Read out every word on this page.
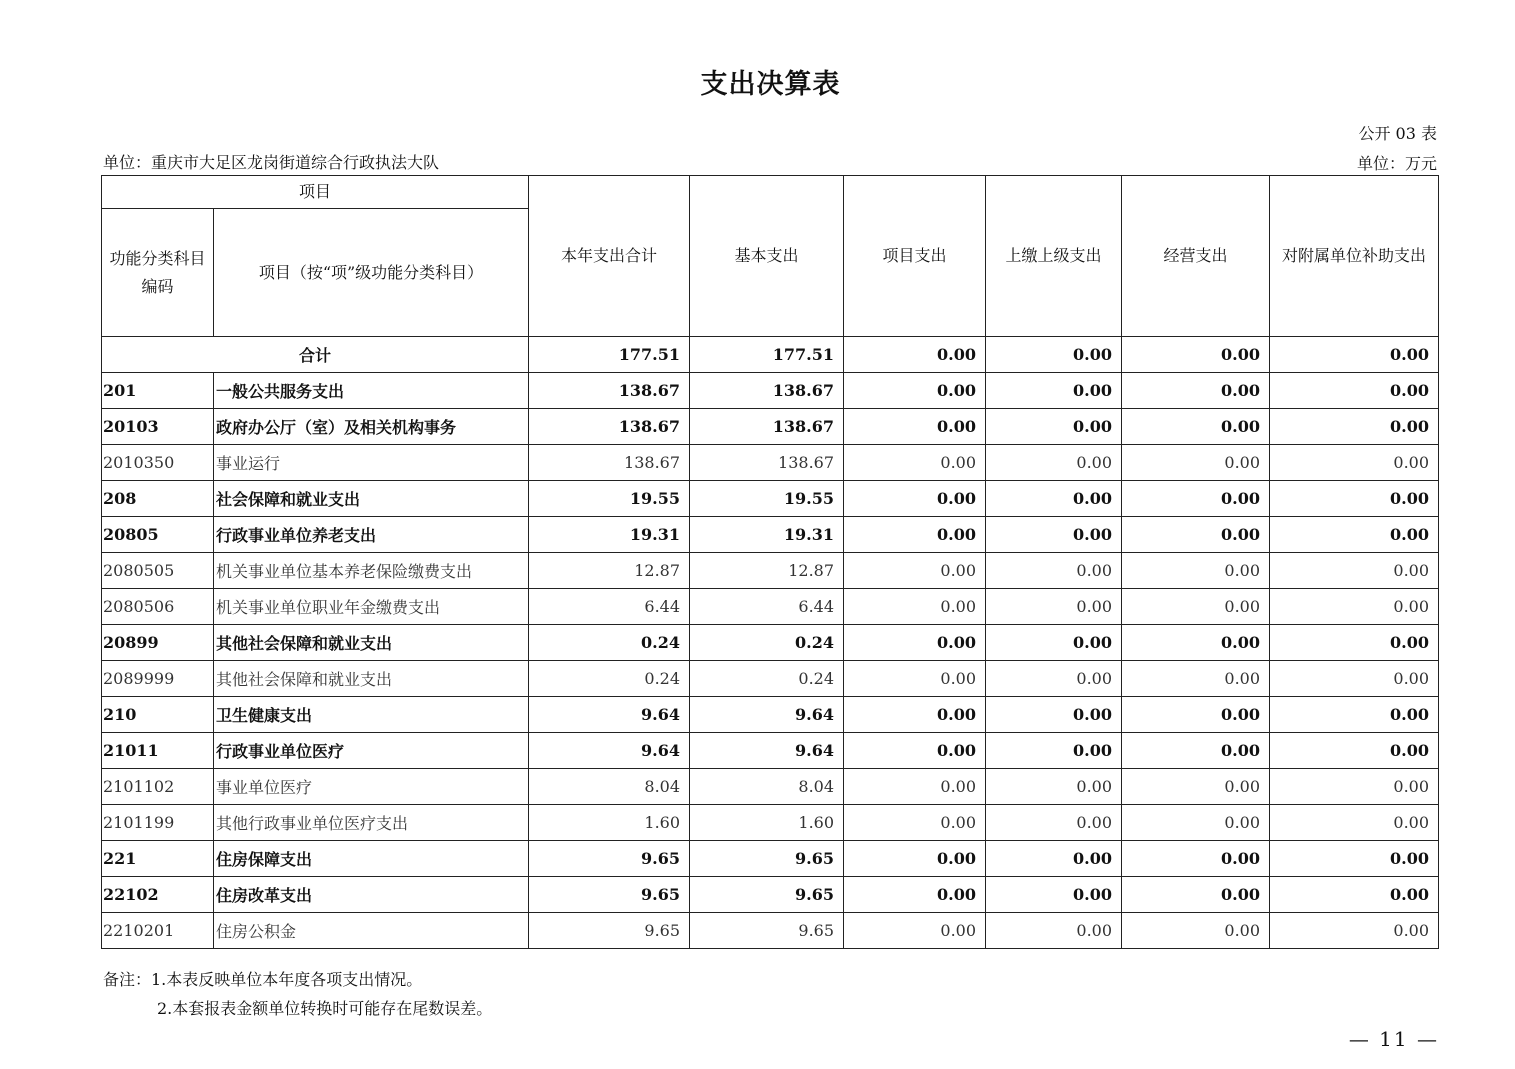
支出决算表
公开 03 表
单位：重庆市大足区龙岗街道综合行政执法大队	单位：万元
项目		本年支出合计	基本支出	项目支出	上缴上级支出	经营支出	对附属单位补助支出
功能分类科目编码	项目（按“项”级功能分类科目）						
合计		177.51	177.51	0.00	0.00	0.00	0.00
201	一般公共服务支出	138.67	138.67	0.00	0.00	0.00	0.00
20103	政府办公厅（室）及相关机构事务	138.67	138.67	0.00	0.00	0.00	0.00
2010350	事业运行	138.67	138.67	0.00	0.00	0.00	0.00
208	社会保障和就业支出	19.55	19.55	0.00	0.00	0.00	0.00
20805	行政事业单位养老支出	19.31	19.31	0.00	0.00	0.00	0.00
2080505	机关事业单位基本养老保险缴费支出	12.87	12.87	0.00	0.00	0.00	0.00
2080506	机关事业单位职业年金缴费支出	6.44	6.44	0.00	0.00	0.00	0.00
20899	其他社会保障和就业支出	0.24	0.24	0.00	0.00	0.00	0.00
2089999	其他社会保障和就业支出	0.24	0.24	0.00	0.00	0.00	0.00
210	卫生健康支出	9.64	9.64	0.00	0.00	0.00	0.00
21011	行政事业单位医疗	9.64	9.64	0.00	0.00	0.00	0.00
2101102	事业单位医疗	8.04	8.04	0.00	0.00	0.00	0.00
2101199	其他行政事业单位医疗支出	1.60	1.60	0.00	0.00	0.00	0.00
221	住房保障支出	9.65	9.65	0.00	0.00	0.00	0.00
22102	住房改革支出	9.65	9.65	0.00	0.00	0.00	0.00
2210201	住房公积金	9.65	9.65	0.00	0.00	0.00	0.00
备注：1.本表反映单位本年度各项支出情况。
2.本套报表金额单位转换时可能存在尾数误差。
— 11 —
